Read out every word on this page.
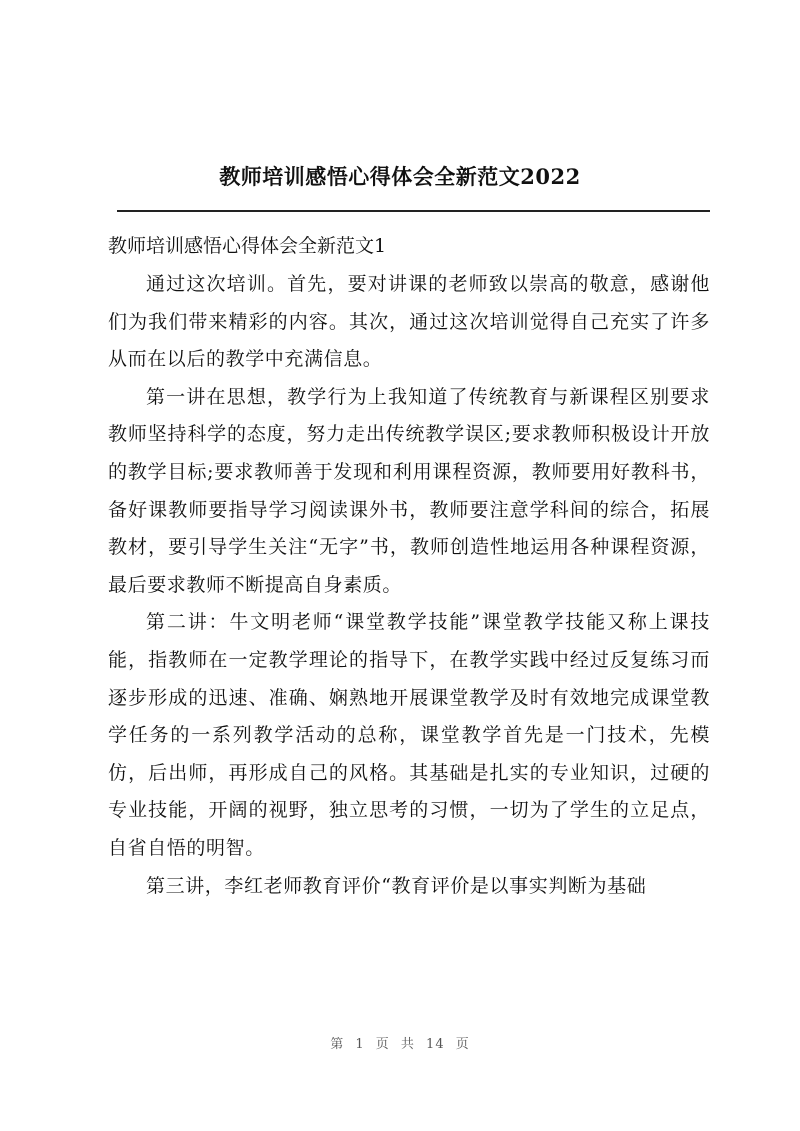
教师培训感悟心得体会全新范文2022
教师培训感悟心得体会全新范文1

通过这次培训。首先，要对讲课的老师致以崇高的敬意，感谢他们为我们带来精彩的内容。其次，通过这次培训觉得自己充实了许多从而在以后的教学中充满信息。

第一讲在思想，教学行为上我知道了传统教育与新课程区别要求教师坚持科学的态度，努力走出传统教学误区;要求教师积极设计开放的教学目标;要求教师善于发现和利用课程资源，教师要用好教科书，备好课教师要指导学习阅读课外书，教师要注意学科间的综合，拓展教材，要引导学生关注“无字”书，教师创造性地运用各种课程资源，最后要求教师不断提高自身素质。

第二讲：牛文明老师“课堂教学技能”课堂教学技能又称上课技能，指教师在一定教学理论的指导下，在教学实践中经过反复练习而逐步形成的迅速、准确、娴熟地开展课堂教学及时有效地完成课堂教学任务的一系列教学活动的总称，课堂教学首先是一门技术，先模仿，后出师，再形成自己的风格。其基础是扎实的专业知识，过硬的专业技能，开阔的视野，独立思考的习惯，一切为了学生的立足点，自省自悟的明智。

第三讲，李红老师教育评价“教育评价是以事实判断为基础

第 1 页 共 14 页
